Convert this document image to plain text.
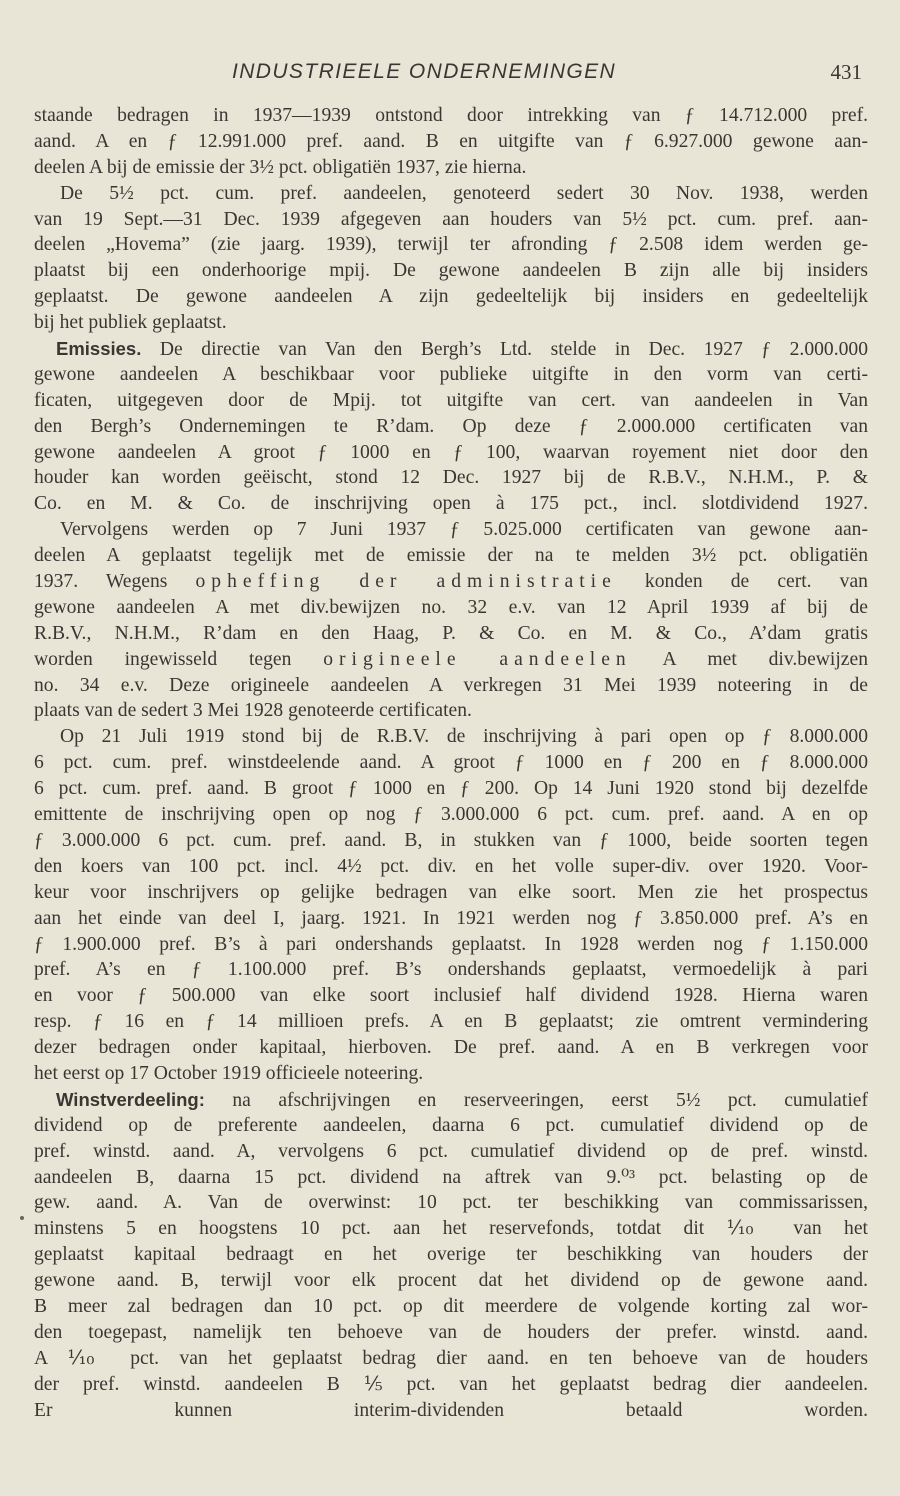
INDUSTRIEELE ONDERNEMINGEN	431
staande bedragen in 1937—1939 ontstond door intrekking van ƒ 14.712.000 pref.
aand. A en ƒ 12.991.000 pref. aand. B en uitgifte van ƒ 6.927.000 gewone aan-
deelen A bij de emissie der 3½ pct. obligatiën 1937, zie hierna.
De 5½ pct. cum. pref. aandeelen, genoteerd sedert 30 Nov. 1938, werden
van 19 Sept.—31 Dec. 1939 afgegeven aan houders van 5½ pct. cum. pref. aan-
deelen „Hovema” (zie jaarg. 1939), terwijl ter afronding ƒ 2.508 idem werden ge-
plaatst bij een onderhoorige mpij. De gewone aandeelen B zijn alle bij insiders
geplaatst. De gewone aandeelen A zijn gedeeltelijk bij insiders en gedeeltelijk
bij het publiek geplaatst.
Emissies. De directie van Van den Bergh’s Ltd. stelde in Dec. 1927 ƒ 2.000.000
gewone aandeelen A beschikbaar voor publieke uitgifte in den vorm van certi-
ficaten, uitgegeven door de Mpij. tot uitgifte van cert. van aandeelen in Van
den Bergh’s Ondernemingen te R’dam. Op deze ƒ 2.000.000 certificaten van
gewone aandeelen A groot ƒ 1000 en ƒ 100, waarvan royement niet door den
houder kan worden geëischt, stond 12 Dec. 1927 bij de R.B.V., N.H.M., P. &
Co. en M. & Co. de inschrijving open à 175 pct., incl. slotdividend 1927.
Vervolgens werden op 7 Juni 1937 ƒ 5.025.000 certificaten van gewone aan-
deelen A geplaatst tegelijk met de emissie der na te melden 3½ pct. obligatiën
1937. Wegens opheffing der administratie konden de cert. van
gewone aandeelen A met div.bewijzen no. 32 e.v. van 12 April 1939 af bij de
R.B.V., N.H.M., R’dam en den Haag, P. & Co. en M. & Co., A’dam gratis
worden ingewisseld tegen origineele aandeelen A met div.bewijzen
no. 34 e.v. Deze origineele aandeelen A verkregen 31 Mei 1939 noteering in de
plaats van de sedert 3 Mei 1928 genoteerde certificaten.
Op 21 Juli 1919 stond bij de R.B.V. de inschrijving à pari open op ƒ 8.000.000
6 pct. cum. pref. winstdeelende aand. A groot ƒ 1000 en ƒ 200 en ƒ 8.000.000
6 pct. cum. pref. aand. B groot ƒ 1000 en ƒ 200. Op 14 Juni 1920 stond bij dezelfde
emittente de inschrijving open op nog ƒ 3.000.000 6 pct. cum. pref. aand. A en op
ƒ 3.000.000 6 pct. cum. pref. aand. B, in stukken van ƒ 1000, beide soorten tegen
den koers van 100 pct. incl. 4½ pct. div. en het volle super-div. over 1920. Voor-
keur voor inschrijvers op gelijke bedragen van elke soort. Men zie het prospectus
aan het einde van deel I, jaarg. 1921. In 1921 werden nog ƒ 3.850.000 pref. A’s en
ƒ 1.900.000 pref. B’s à pari ondershands geplaatst. In 1928 werden nog ƒ 1.150.000
pref. A’s en ƒ 1.100.000 pref. B’s ondershands geplaatst, vermoedelijk à pari
en voor ƒ 500.000 van elke soort inclusief half dividend 1928. Hierna waren
resp. ƒ 16 en ƒ 14 millioen prefs. A en B geplaatst; zie omtrent vermindering
dezer bedragen onder kapitaal, hierboven. De pref. aand. A en B verkregen voor
het eerst op 17 October 1919 officieele noteering.
Winstverdeeling: na afschrijvingen en reserveeringen, eerst 5½ pct. cumulatief
dividend op de preferente aandeelen, daarna 6 pct. cumulatief dividend op de
pref. winstd. aand. A, vervolgens 6 pct. cumulatief dividend op de pref. winstd.
aandeelen B, daarna 15 pct. dividend na aftrek van 9.⁰³ pct. belasting op de
gew. aand. A. Van de overwinst: 10 pct. ter beschikking van commissarissen,
minstens 5 en hoogstens 10 pct. aan het reservefonds, totdat dit ⅒ van het
geplaatst kapitaal bedraagt en het overige ter beschikking van houders der
gewone aand. B, terwijl voor elk procent dat het dividend op de gewone aand.
B meer zal bedragen dan 10 pct. op dit meerdere de volgende korting zal wor-
den toegepast, namelijk ten behoeve van de houders der prefer. winstd. aand.
A ⅒ pct. van het geplaatst bedrag dier aand. en ten behoeve van de houders
der pref. winstd. aandeelen B ⅕ pct. van het geplaatst bedrag dier aandeelen.
Er kunnen interim-dividenden betaald worden.
